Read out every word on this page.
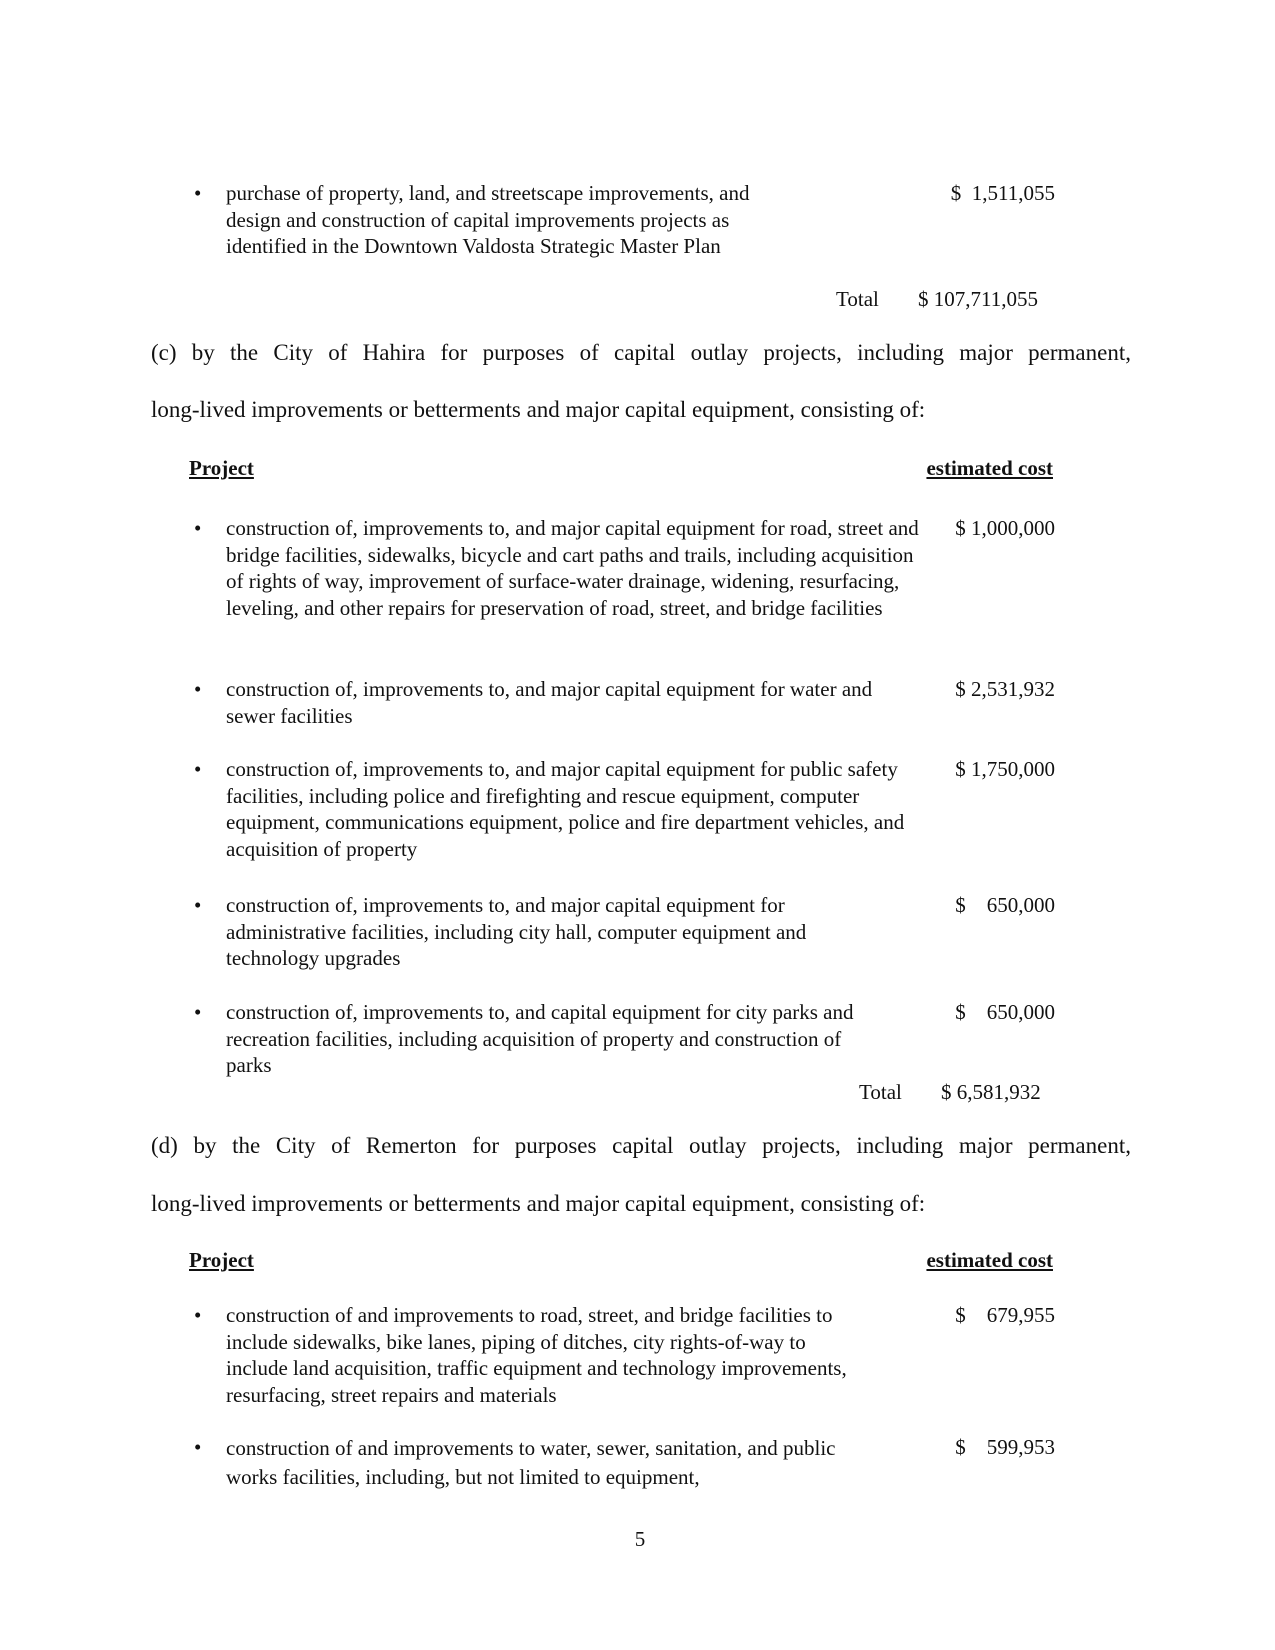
• purchase of property, land, and streetscape improvements, and design and construction of capital improvements projects as identified in the Downtown Valdosta Strategic Master Plan
$  1,511,055
Total $ 107,711,055
(c) by the City of Hahira for purposes of capital outlay projects, including major permanent,
long-lived improvements or betterments and major capital equipment, consisting of:
Project	estimated cost
• construction of, improvements to, and major capital equipment for road, street and bridge facilities, sidewalks, bicycle and cart paths and trails, including acquisition of rights of way, improvement of surface-water drainage, widening, resurfacing, leveling, and other repairs for preservation of road, street, and bridge facilities
$ 1,000,000
• construction of, improvements to, and major capital equipment for water and sewer facilities
$ 2,531,932
• construction of, improvements to, and major capital equipment for public safety facilities, including police and firefighting and rescue equipment, computer equipment, communications equipment, police and fire department vehicles, and acquisition of property
$ 1,750,000
• construction of, improvements to, and major capital equipment for administrative facilities, including city hall, computer equipment and technology upgrades
$    650,000
• construction of, improvements to, and capital equipment for city parks and recreation facilities, including acquisition of property and construction of parks
$    650,000
Total $ 6,581,932
(d) by the City of Remerton for purposes capital outlay projects, including major permanent,
long-lived improvements or betterments and major capital equipment, consisting of:
Project	estimated cost
• construction of and improvements to road, street, and bridge facilities to include sidewalks, bike lanes, piping of ditches, city rights-of-way to include land acquisition, traffic equipment and technology improvements, resurfacing, street repairs and materials
$    679,955
• construction of and improvements to water, sewer, sanitation, and public works facilities, including, but not limited to equipment,
$    599,953
5
